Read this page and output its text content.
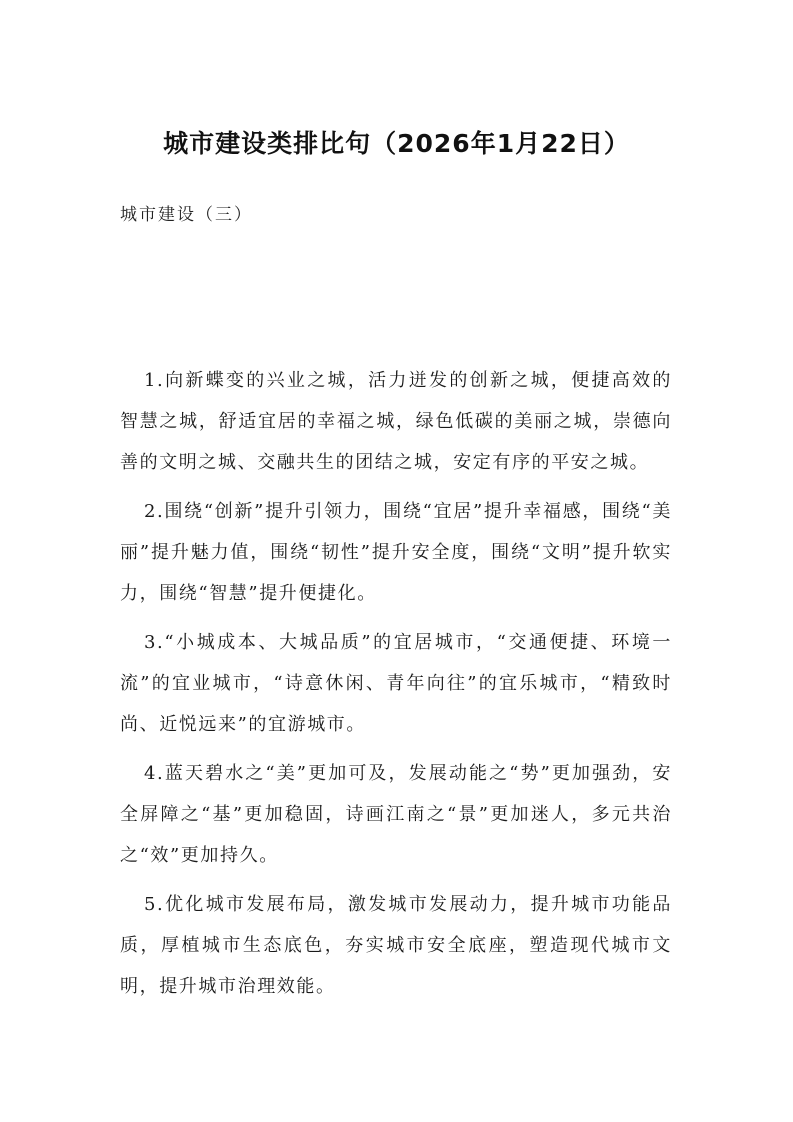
城市建设类排比句（2026年1月22日）
城市建设（三）

1.向新蝶变的兴业之城，活力迸发的创新之城，便捷高效的智慧之城，舒适宜居的幸福之城，绿色低碳的美丽之城，崇德向善的文明之城、交融共生的团结之城，安定有序的平安之城。

2.围绕“创新”提升引领力，围绕“宜居”提升幸福感，围绕“美丽”提升魅力值，围绕“韧性”提升安全度，围绕“文明”提升软实力，围绕“智慧”提升便捷化。

3.“小城成本、大城品质”的宜居城市，“交通便捷、环境一流”的宜业城市，“诗意休闲、青年向往”的宜乐城市，“精致时尚、近悦远来”的宜游城市。

4.蓝天碧水之“美”更加可及，发展动能之“势”更加强劲，安全屏障之“基”更加稳固，诗画江南之“景”更加迷人，多元共治之“效”更加持久。

5.优化城市发展布局，激发城市发展动力，提升城市功能品质，厚植城市生态底色，夯实城市安全底座，塑造现代城市文明，提升城市治理效能。
